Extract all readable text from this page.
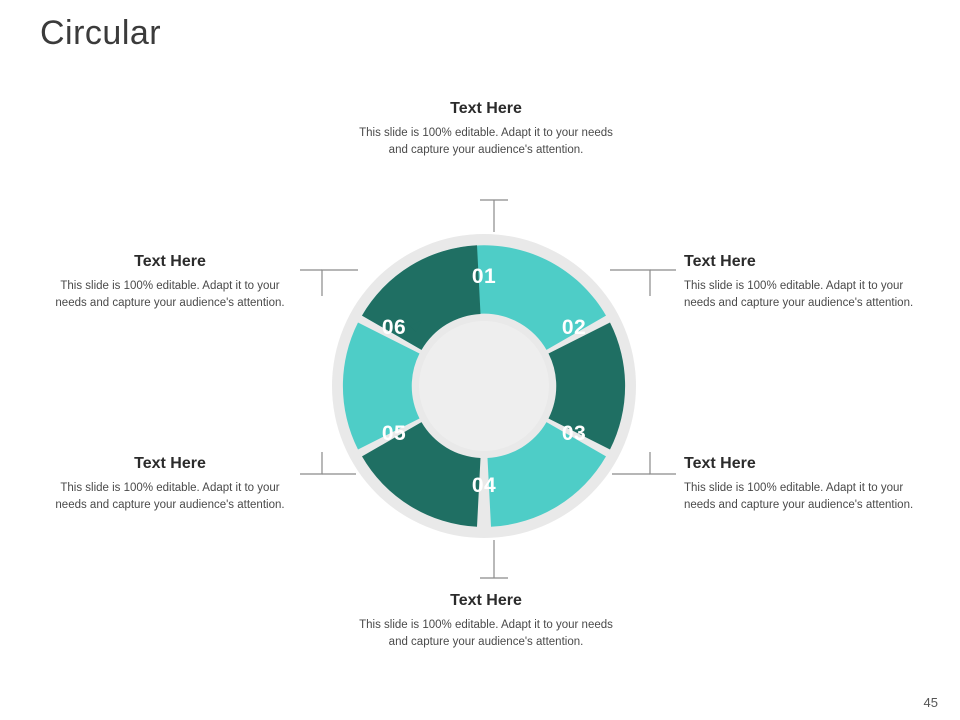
Circular
01
02
03
04
05
06
Text Here

This slide is 100% editable. Adapt it to your needs and capture your audience's attention.

Text Here

This slide is 100% editable. Adapt it to your needs and capture your audience's attention.

Text Here

This slide is 100% editable. Adapt it to your needs and capture your audience's attention.

Text Here

This slide is 100% editable. Adapt it to your needs and capture your audience's attention.

Text Here

This slide is 100% editable. Adapt it to your needs and capture your audience's attention.

Text Here

This slide is 100% editable. Adapt it to your needs and capture your audience's attention.

45
